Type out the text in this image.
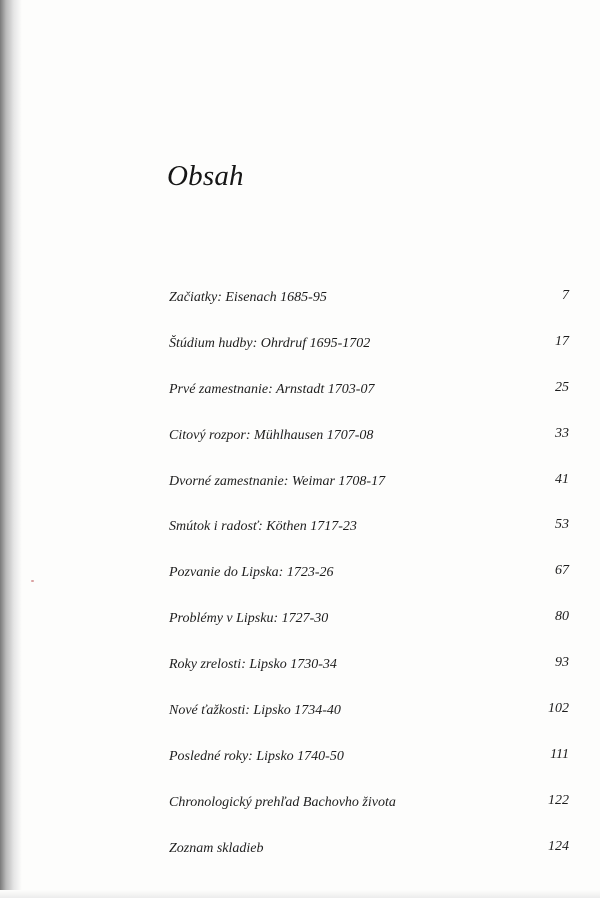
Obsah
Začiatky: Eisenach 1685-95	7
Štúdium hudby: Ohrdruf 1695-1702	17
Prvé zamestnanie: Arnstadt 1703-07	25
Citový rozpor: Mühlhausen 1707-08	33
Dvorné zamestnanie: Weimar 1708-17	41
Smútok i radosť: Köthen 1717-23	53
Pozvanie do Lipska: 1723-26	67
Problémy v Lipsku: 1727-30	80
Roky zrelosti: Lipsko 1730-34	93
Nové ťažkosti: Lipsko 1734-40	102
Posledné roky: Lipsko 1740-50	111
Chronologický prehľad Bachovho života	122
Zoznam skladieb	124
